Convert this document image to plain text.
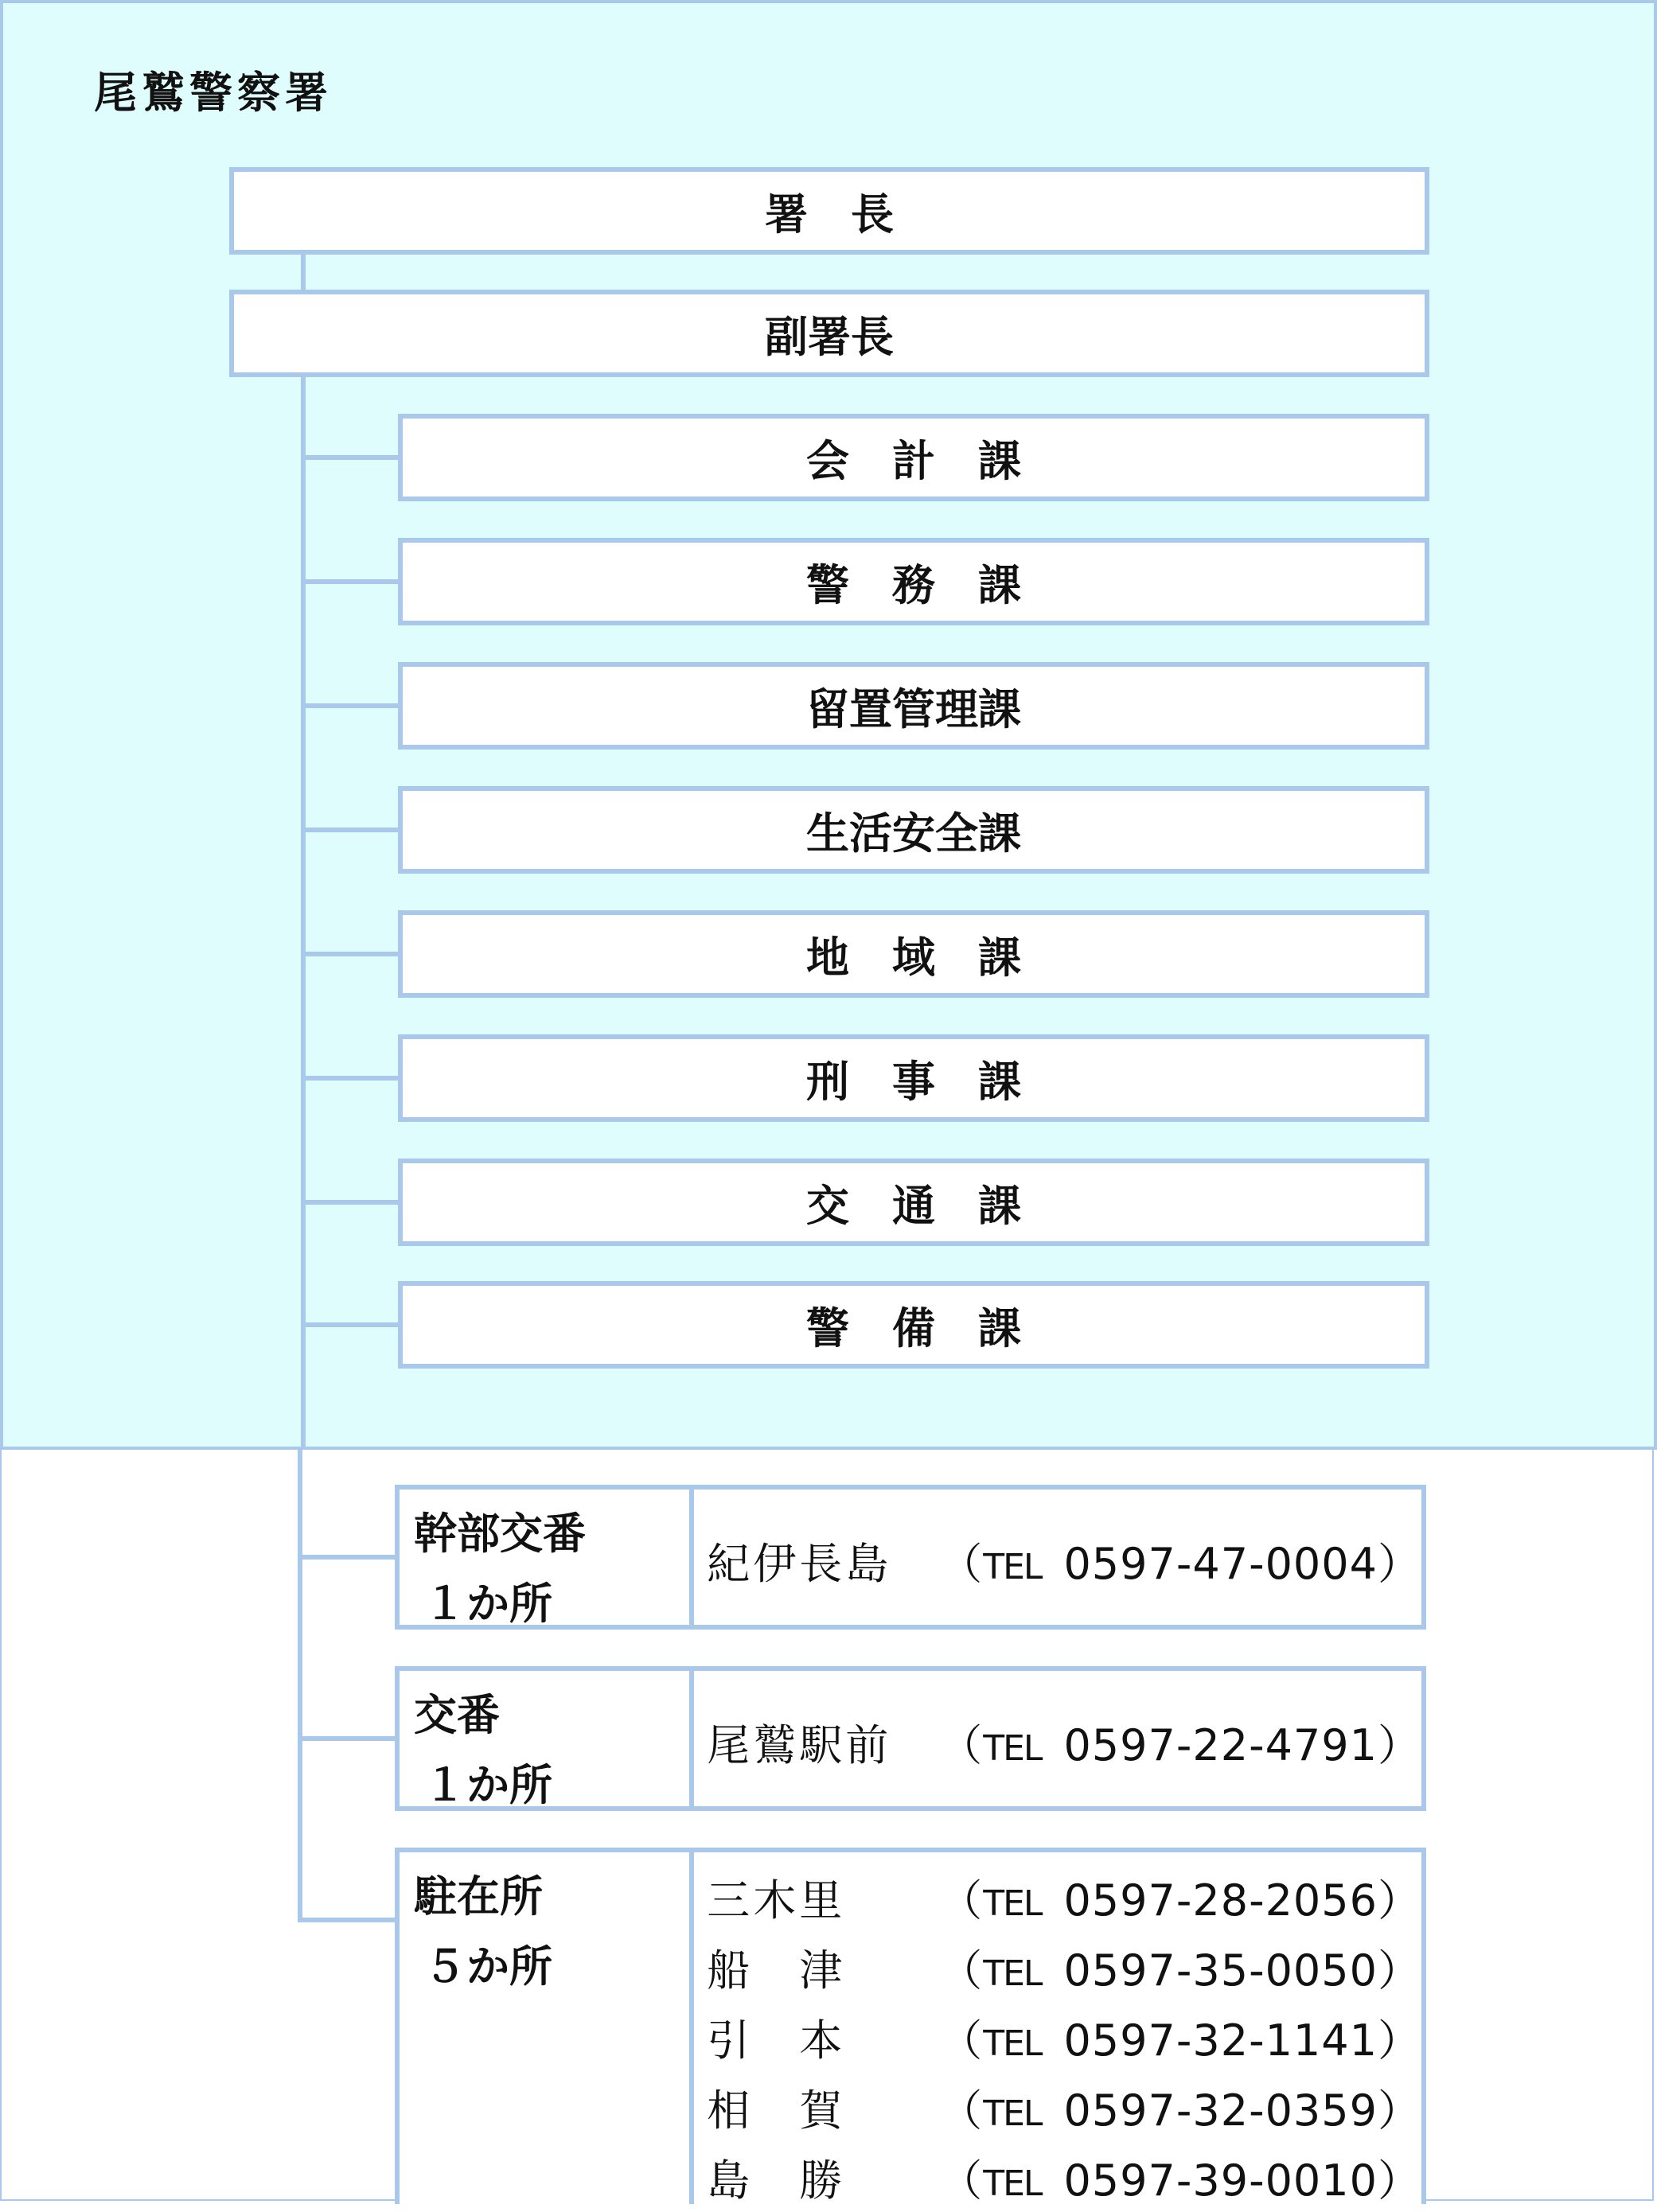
尾鷲警察署
署　長
副署長
会　計　課
警　務　課
留置管理課
生活安全課
地　域　課
刑　事　課
交　通　課
警　備　課
幹部交番
１か所
紀伊長島	（TEL 0597-47-0004）
交番
１か所
尾鷲駅前	（TEL 0597-22-4791）
駐在所
５か所
三木里	（TEL 0597-28-2056）
船　津	（TEL 0597-35-0050）
引　本	（TEL 0597-32-1141）
相　賀	（TEL 0597-32-0359）
島　勝	（TEL 0597-39-0010）
